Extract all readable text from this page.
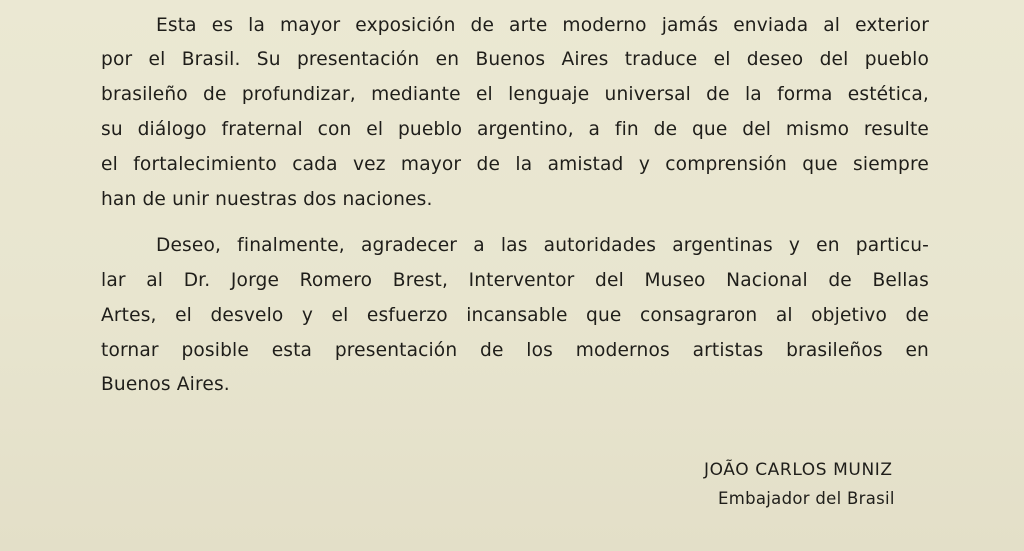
Esta es la mayor exposición de arte moderno jamás enviada al exterior
por el Brasil. Su presentación en Buenos Aires traduce el deseo del pueblo
brasileño de profundizar, mediante el lenguaje universal de la forma estética,
su diálogo fraternal con el pueblo argentino, a fin de que del mismo resulte
el fortalecimiento cada vez mayor de la amistad y comprensión que siempre
han de unir nuestras dos naciones.
Deseo, finalmente, agradecer a las autoridades argentinas y en particu-
lar al Dr. Jorge Romero Brest, Interventor del Museo Nacional de Bellas
Artes, el desvelo y el esfuerzo incansable que consagraron al objetivo de
tornar posible esta presentación de los modernos artistas brasileños en
Buenos Aires.
JOÃO CARLOS MUNIZ
Embajador del Brasil
